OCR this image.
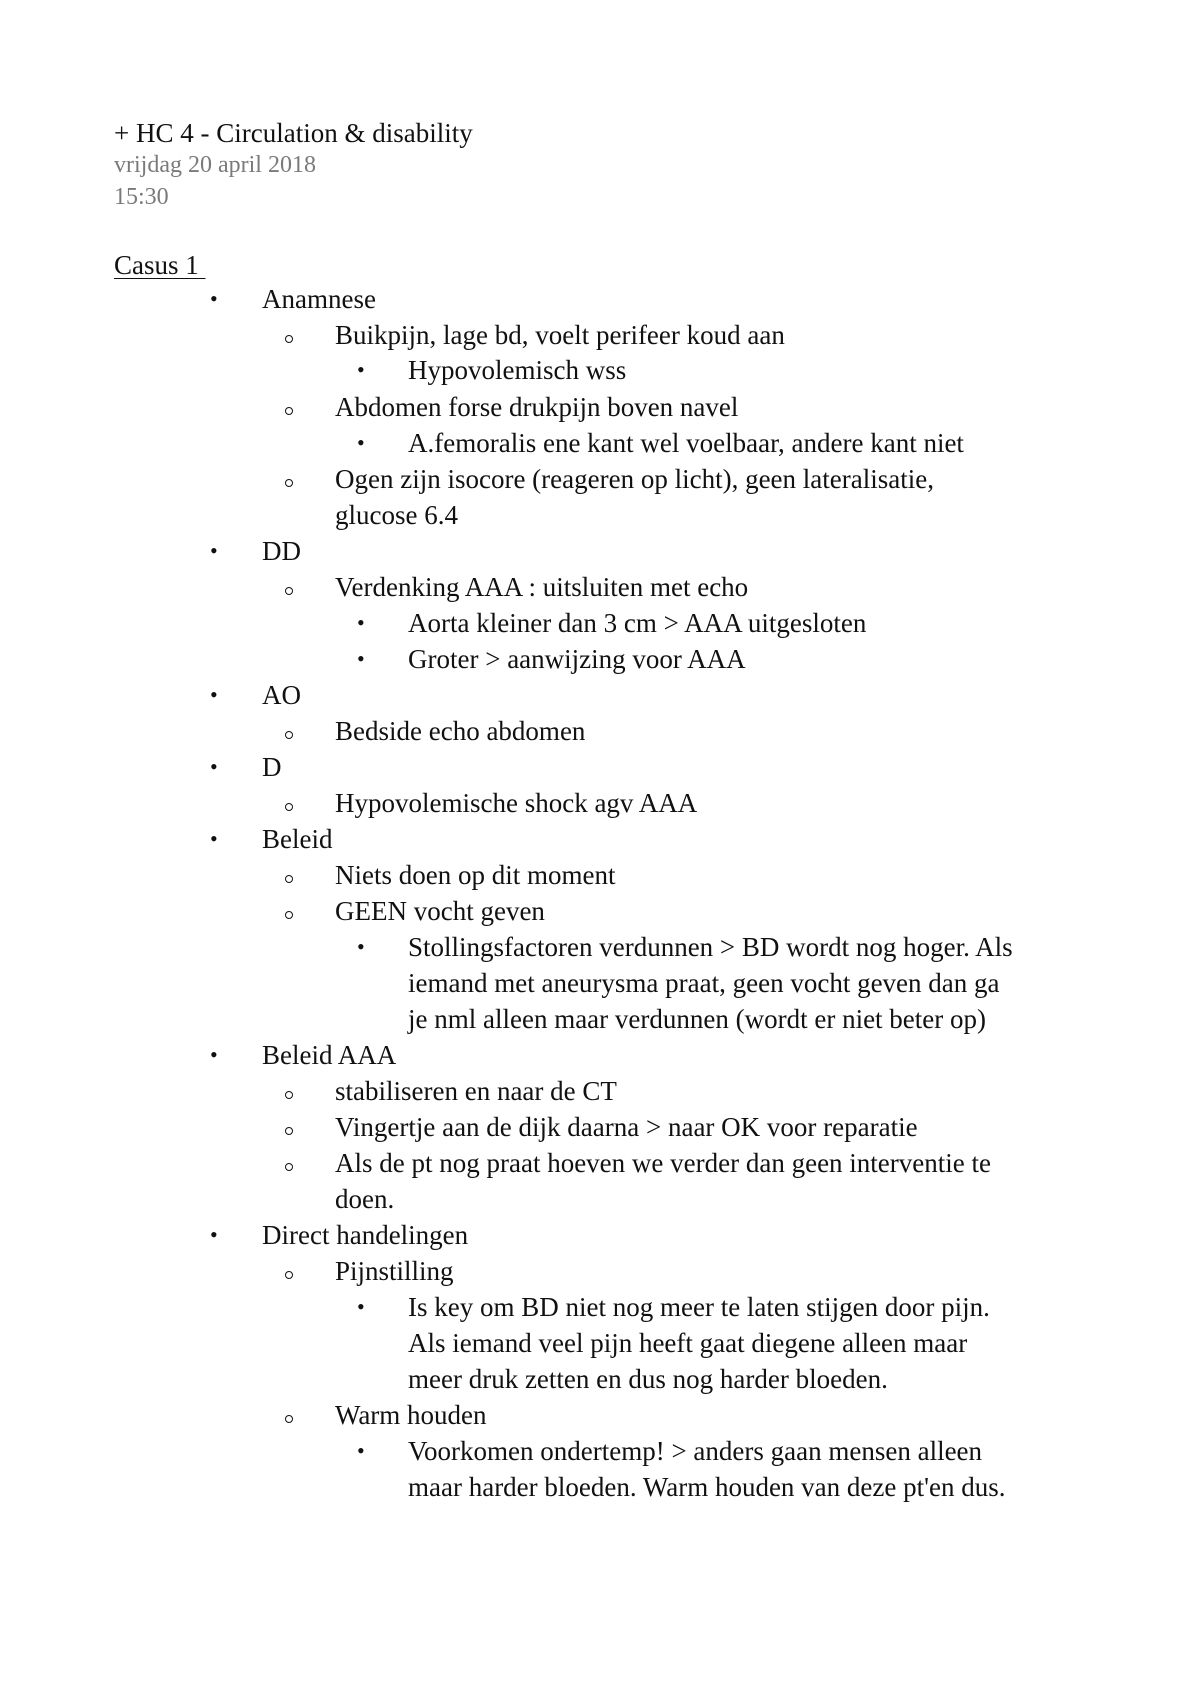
+ HC 4 - Circulation & disability
vrijdag 20 april 2018
15:30
Casus 1
• Anamnese
Buikpijn, lage bd, voelt perifeer koud aan
• Hypovolemisch wss
Abdomen forse drukpijn boven navel
• A.femoralis ene kant wel voelbaar, andere kant niet
Ogen zijn isocore (reageren op licht), geen lateralisatie,
glucose 6.4
• DD
Verdenking AAA : uitsluiten met echo
• Aorta kleiner dan 3 cm > AAA uitgesloten
• Groter > aanwijzing voor AAA
• AO
Bedside echo abdomen
• D
Hypovolemische shock agv AAA
• Beleid
Niets doen op dit moment
GEEN vocht geven
• Stollingsfactoren verdunnen > BD wordt nog hoger. Als
iemand met aneurysma praat, geen vocht geven dan ga
je nml alleen maar verdunnen (wordt er niet beter op)
• Beleid AAA
stabiliseren en naar de CT
Vingertje aan de dijk daarna > naar OK voor reparatie
Als de pt nog praat hoeven we verder dan geen interventie te
doen.
• Direct handelingen
Pijnstilling
• Is key om BD niet nog meer te laten stijgen door pijn.
Als iemand veel pijn heeft gaat diegene alleen maar
meer druk zetten en dus nog harder bloeden.
Warm houden
• Voorkomen ondertemp! > anders gaan mensen alleen
maar harder bloeden. Warm houden van deze pt'en dus.
